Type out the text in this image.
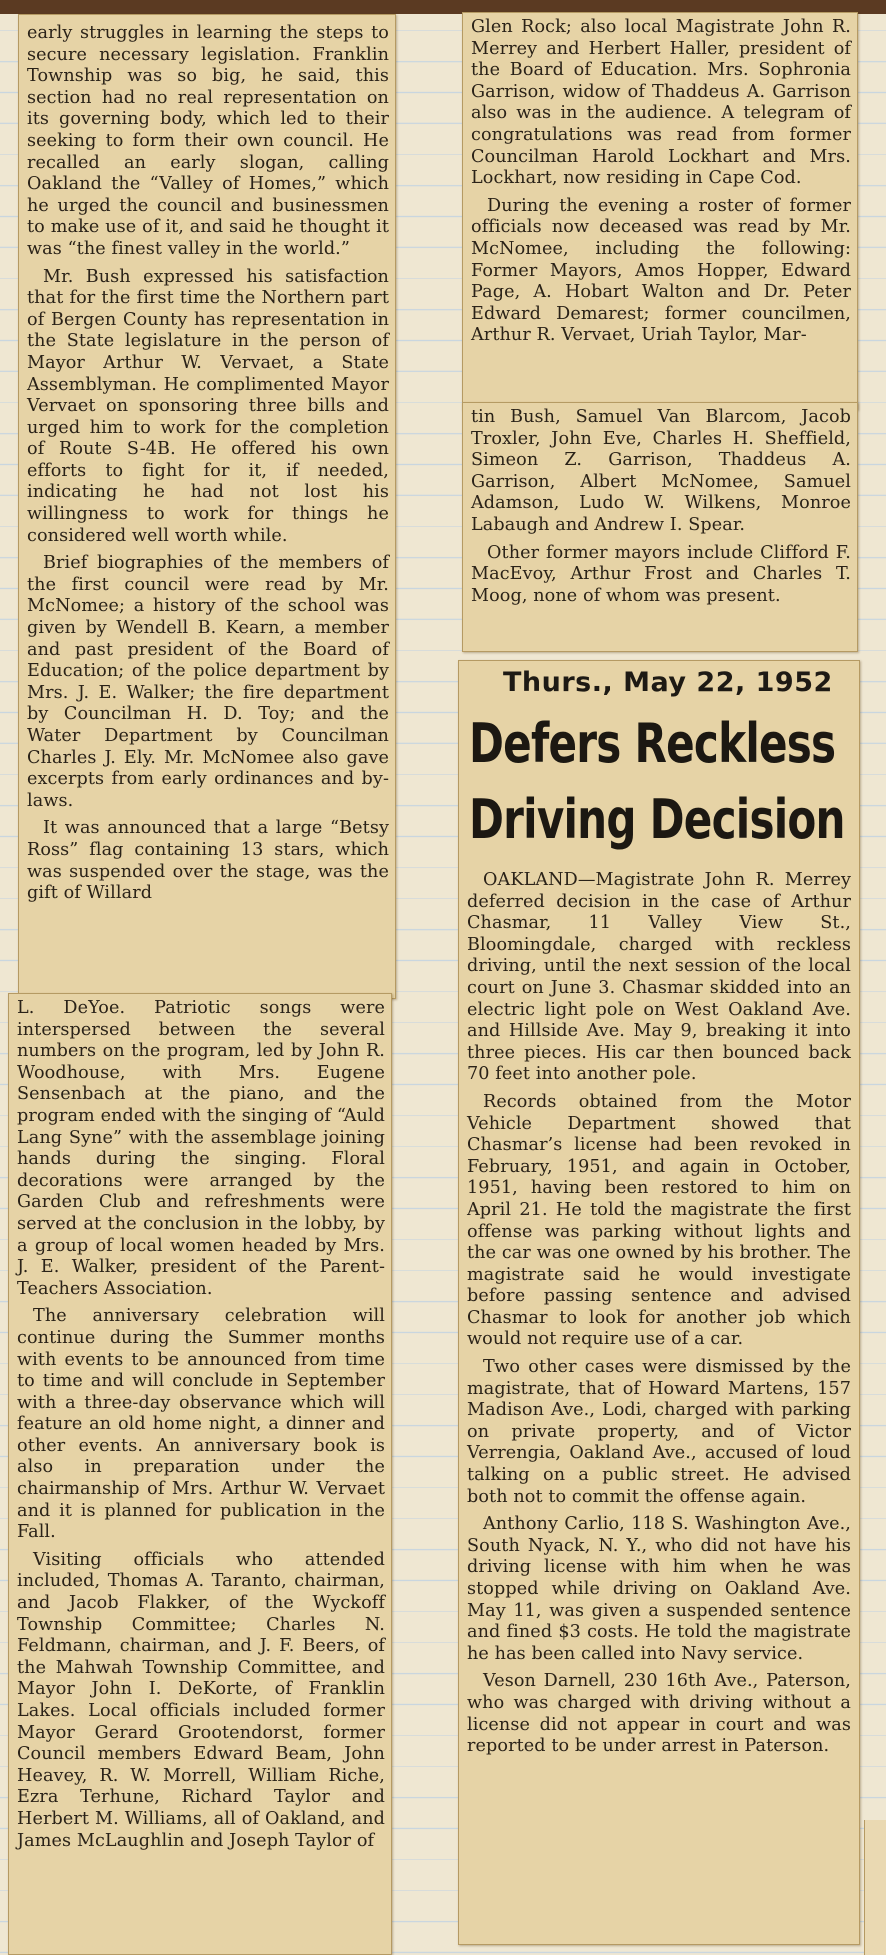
early struggles in learning the steps to secure necessary legislation. Franklin Township was so big, he said, this section had no real representation on its governing body, which led to their seeking to form their own council. He recalled an early slogan, calling Oakland the “Valley of Homes,” which he urged the council and businessmen to make use of it, and said he thought it was “the finest valley in the world.”

Mr. Bush expressed his satisfaction that for the first time the Northern part of Bergen County has representation in the State legislature in the person of Mayor Arthur W. Vervaet, a State Assemblyman. He complimented Mayor Vervaet on sponsoring three bills and urged him to work for the completion of Route S-4B. He offered his own efforts to fight for it, if needed, indicating he had not lost his willingness to work for things he considered well worth while.

Brief biographies of the members of the first council were read by Mr. McNomee; a history of the school was given by Wendell B. Kearn, a member and past president of the Board of Education; of the police department by Mrs. J. E. Walker; the fire department by Councilman H. D. Toy; and the Water Department by Councilman Charles J. Ely. Mr. McNomee also gave excerpts from early ordinances and by-laws.

It was announced that a large “Betsy Ross” flag containing 13 stars, which was suspended over the stage, was the gift of Willard

L. DeYoe. Patriotic songs were interspersed between the several numbers on the program, led by John R. Woodhouse, with Mrs. Eugene Sensenbach at the piano, and the program ended with the singing of “Auld Lang Syne” with the assemblage joining hands during the singing. Floral decorations were arranged by the Garden Club and refreshments were served at the conclusion in the lobby, by a group of local women headed by Mrs. J. E. Walker, president of the Parent-Teachers Association.

The anniversary celebration will continue during the Summer months with events to be announced from time to time and will conclude in September with a three-day observance which will feature an old home night, a dinner and other events. An anniversary book is also in preparation under the chairmanship of Mrs. Arthur W. Vervaet and it is planned for publication in the Fall.

Visiting officials who attended included, Thomas A. Taranto, chairman, and Jacob Flakker, of the Wyckoff Township Committee; Charles N. Feldmann, chairman, and J. F. Beers, of the Mahwah Township Committee, and Mayor John I. DeKorte, of Franklin Lakes. Local officials included former Mayor Gerard Grootendorst, former Council members Edward Beam, John Heavey, R. W. Morrell, William Riche, Ezra Terhune, Richard Taylor and Herbert M. Williams, all of Oakland, and James McLaughlin and Joseph Taylor of

Glen Rock; also local Magistrate John R. Merrey and Herbert Haller, president of the Board of Education. Mrs. Sophronia Garrison, widow of Thaddeus A. Garrison also was in the audience. A telegram of congratulations was read from former Councilman Harold Lockhart and Mrs. Lockhart, now residing in Cape Cod.

During the evening a roster of former officials now deceased was read by Mr. McNomee, including the following: Former Mayors, Amos Hopper, Edward Page, A. Hobart Walton and Dr. Peter Edward Demarest; former councilmen, Arthur R. Vervaet, Uriah Taylor, Mar-

tin Bush, Samuel Van Blarcom, Jacob Troxler, John Eve, Charles H. Sheffield, Simeon Z. Garrison, Thaddeus A. Garrison, Albert McNomee, Samuel Adamson, Ludo W. Wilkens, Monroe Labaugh and Andrew I. Spear.

Other former mayors include Clifford F. MacEvoy, Arthur Frost and Charles T. Moog, none of whom was present.

Thurs., May 22, 1952
Defers Reckless
Driving Decision

OAKLAND—Magistrate John R. Merrey deferred decision in the case of Arthur Chasmar, 11 Valley View St., Bloomingdale, charged with reckless driving, until the next session of the local court on June 3. Chasmar skidded into an electric light pole on West Oakland Ave. and Hillside Ave. May 9, breaking it into three pieces. His car then bounced back 70 feet into another pole.

Records obtained from the Motor Vehicle Department showed that Chasmar’s license had been revoked in February, 1951, and again in October, 1951, having been restored to him on April 21. He told the magistrate the first offense was parking without lights and the car was one owned by his brother. The magistrate said he would investigate before passing sentence and advised Chasmar to look for another job which would not require use of a car.

Two other cases were dismissed by the magistrate, that of Howard Martens, 157 Madison Ave., Lodi, charged with parking on private property, and of Victor Verrengia, Oakland Ave., accused of loud talking on a public street. He advised both not to commit the offense again.

Anthony Carlio, 118 S. Washington Ave., South Nyack, N. Y., who did not have his driving license with him when he was stopped while driving on Oakland Ave. May 11, was given a suspended sentence and fined $3 costs. He told the magistrate he has been called into Navy service.

Veson Darnell, 230 16th Ave., Paterson, who was charged with driving without a license did not appear in court and was reported to be under arrest in Paterson.
